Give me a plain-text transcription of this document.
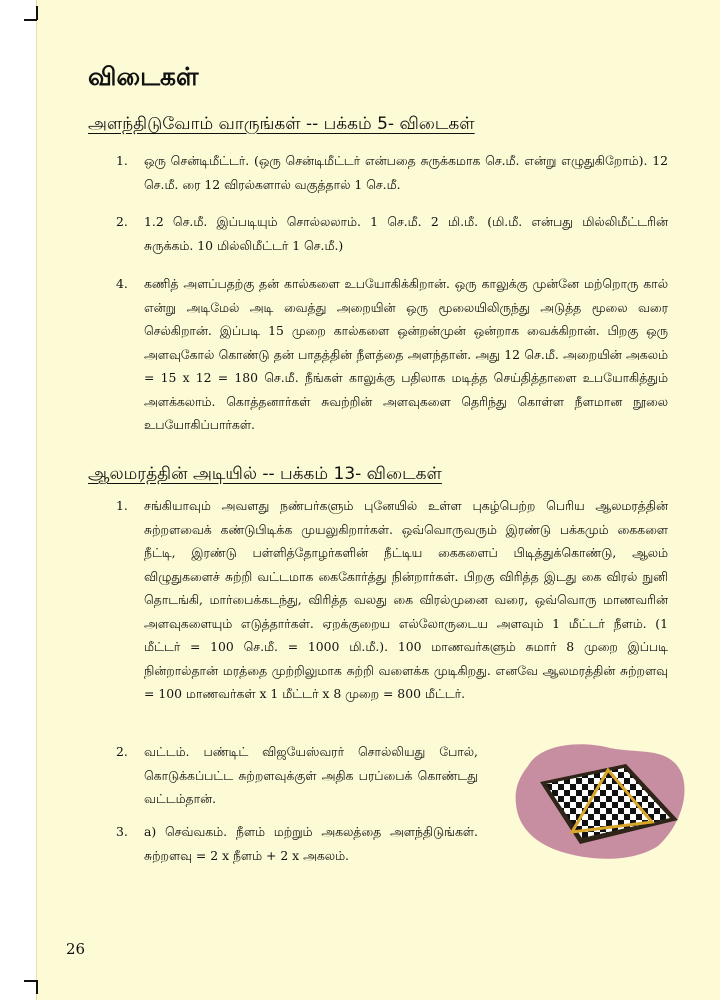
விடைகள்
அளந்திடுவோம் வாருங்கள் -- பக்கம் 5- விடைகள்
1. ஒரு சென்டிமீட்டர். (ஒரு சென்டிமீட்டர் என்பதை சுருக்கமாக செ.மீ. என்று எழுதுகிறோம்). 12 செ.மீ. ரை 12 விரல்களால் வகுத்தால் 1 செ.மீ.
2. 1.2 செ.மீ. இப்படியும் சொல்லலாம். 1 செ.மீ. 2 மி.மீ. (மி.மீ. என்பது மில்லிமீட்டரின் சுருக்கம். 10 மில்லிமீட்டர் 1 செ.மீ.)
4. கணித் அளப்பதற்கு தன் கால்களை உபயோகிக்கிறான். ஒரு காலுக்கு முன்னே மற்றொரு கால் என்று அடிமேல் அடி வைத்து அறையின் ஒரு மூலையிலிருந்து அடுத்த மூலை வரை செல்கிறான். இப்படி 15 முறை கால்களை ஒன்றன்முன் ஒன்றாக வைக்கிறான். பிறகு ஒரு அளவுகோல் கொண்டு தன் பாதத்தின் நீளத்தை அளந்தான். அது 12 செ.மீ. அறையின் அகலம் = 15 x 12 = 180 செ.மீ. நீங்கள் காலுக்கு பதிலாக மடித்த செய்தித்தாளை உபயோகித்தும் அளக்கலாம். கொத்தனார்கள் சுவற்றின் அளவுகளை தெரிந்து கொள்ள நீளமான நூலை உபயோகிப்பார்கள்.
ஆலமரத்தின் அடியில் -- பக்கம் 13- விடைகள்
1. சங்கியாவும் அவளது நண்பர்களும் புனேயில் உள்ள புகழ்பெற்ற பெரிய ஆலமரத்தின் சுற்றளவைக் கண்டுபிடிக்க முயலுகிறார்கள். ஒவ்வொருவரும் இரண்டு பக்கமும் கைகளை நீட்டி, இரண்டு பள்ளித்தோழர்களின் நீட்டிய கைகளைப் பிடித்துக்கொண்டு, ஆலம் விழுதுகளைச் சுற்றி வட்டமாக கைகோர்த்து நின்றார்கள். பிறகு விரித்த இடது கை விரல் நுனி தொடங்கி, மார்பைக்கடந்து, விரித்த வலது கை விரல்முனை வரை, ஒவ்வொரு மாணவரின் அளவுகளையும் எடுத்தார்கள். ஏறக்குறைய எல்லோருடைய அளவும் 1 மீட்டர் நீளம். (1 மீட்டர் = 100 செ.மீ. = 1000 மி.மீ.). 100 மாணவர்களும் சுமார் 8 முறை இப்படி நின்றால்தான் மரத்தை முற்றிலுமாக சுற்றி வளைக்க முடிகிறது. எனவே ஆலமரத்தின் சுற்றளவு = 100 மாணவர்கள் x 1 மீட்டர் x 8 முறை = 800 மீட்டர்.
2. வட்டம். பண்டிட் விஜயேஸ்வரர் சொல்லியது போல், கொடுக்கப்பட்ட சுற்றளவுக்குள் அதிக பரப்பைக் கொண்டது வட்டம்தான்.
3. a) செவ்வகம். நீளம் மற்றும் அகலத்தை அளந்திடுங்கள். சுற்றளவு = 2 x நீளம் + 2 x அகலம்.
26
